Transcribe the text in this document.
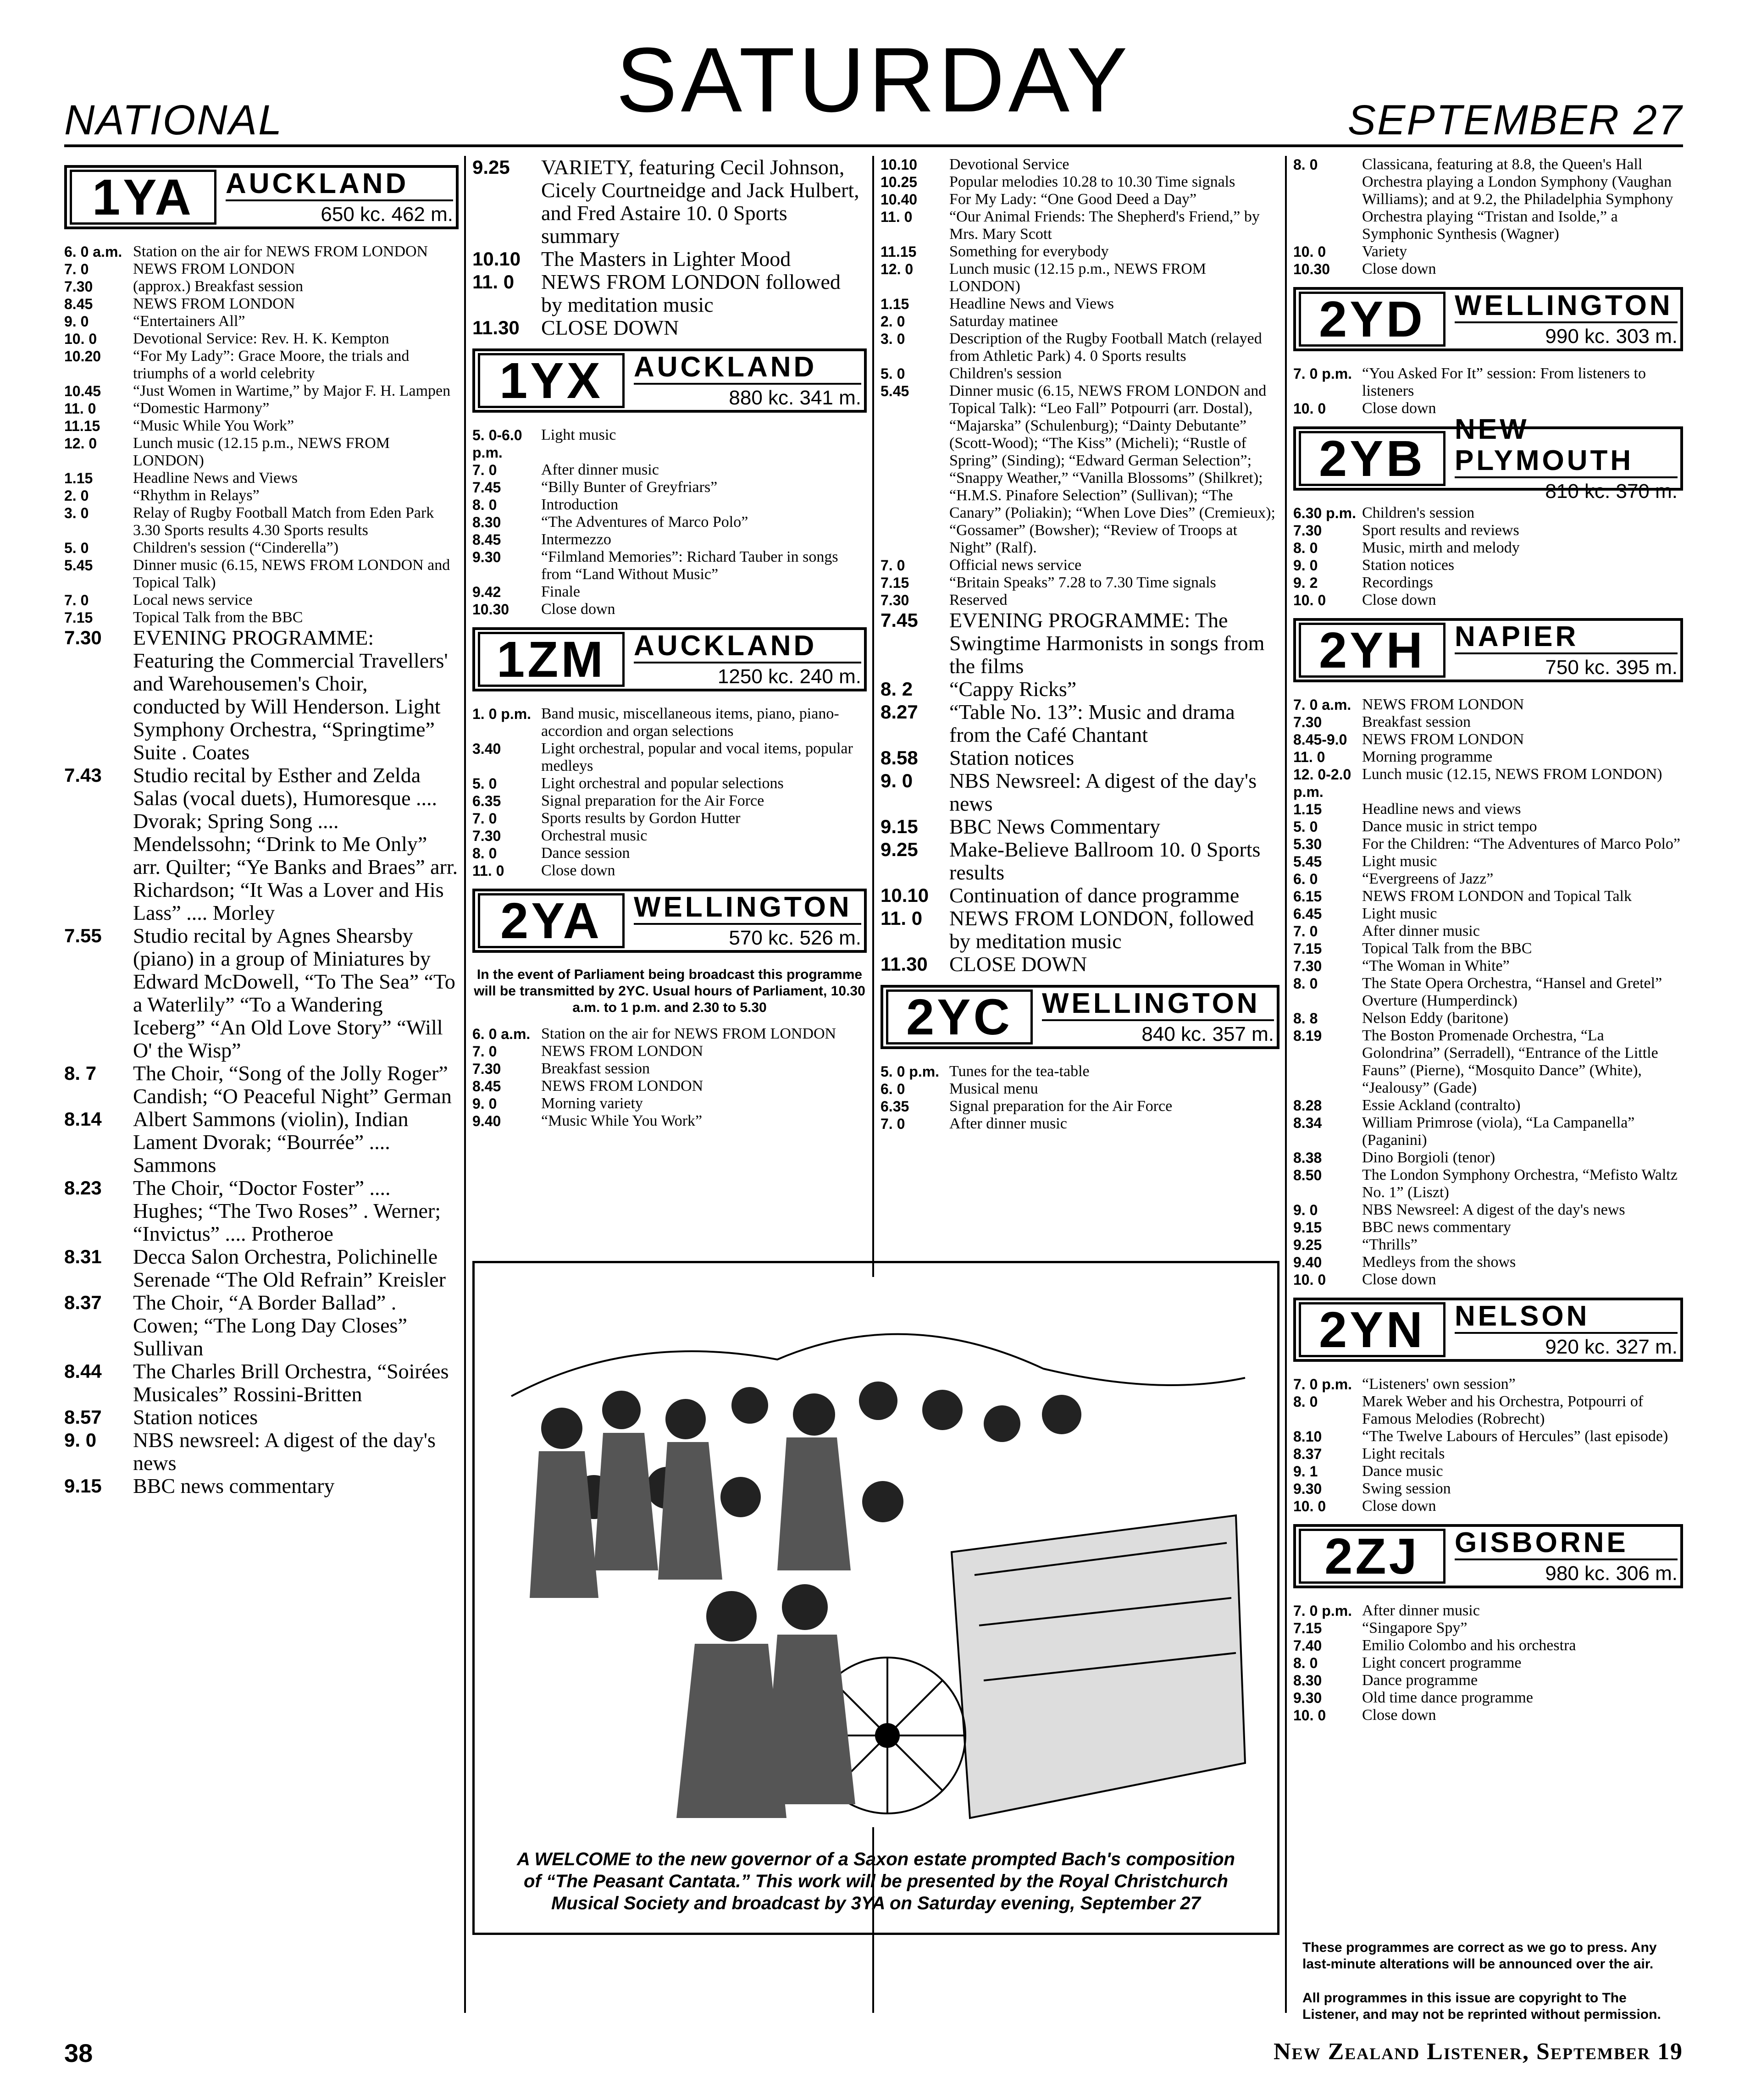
NATIONAL	SATURDAY	SEPTEMBER 27
1YA	AUCKLAND
650 kc. 462 m.
6. 0 a.m. Station on the air for NEWS FROM LONDON
7. 0	NEWS FROM LONDON
7.30	(approx.) Breakfast session
8.45	NEWS FROM LONDON
9. 0	“Entertainers All”
10. 0	Devotional Service: Rev. H. K. Kempton
10.20	“For My Lady”: Grace Moore, the trials and triumphs of a world celebrity
10.45	“Just Women in Wartime,” by Major F. H. Lampen
11. 0	“Domestic Harmony”
11.15	“Music While You Work”
12. 0	Lunch music (12.15 p.m., NEWS FROM LONDON)
1.15	Headline News and Views
2. 0	“Rhythm in Relays”
3. 0	Relay of Rugby Football Match from Eden Park 3.30 Sports results 4.30 Sports results
5. 0	Children's session (“Cinderella”)
5.45	Dinner music (6.15, NEWS FROM LONDON and Topical Talk)
7. 0	Local news service
7.15	Topical Talk from the BBC
7.30	EVENING PROGRAMME: Featuring the Commercial Travellers' and Warehousemen's Choir, conducted by Will Henderson. Light Symphony Orchestra, “Springtime” Suite . Coates
7.43	Studio recital by Esther and Zelda Salas (vocal duets), Humoresque .... Dvorak; Spring Song .... Mendelssohn; “Drink to Me Only” arr. Quilter; “Ye Banks and Braes” arr. Richardson; “It Was a Lover and His Lass” .... Morley
7.55	Studio recital by Agnes Shearsby (piano) in a group of Miniatures by Edward McDowell, “To The Sea” “To a Waterlily” “To a Wandering Iceberg” “An Old Love Story” “Will O' the Wisp”
8. 7	The Choir, “Song of the Jolly Roger” Candish; “O Peaceful Night” German
8.14	Albert Sammons (violin), Indian Lament Dvorak; “Bourrée” .... Sammons
8.23	The Choir, “Doctor Foster” .... Hughes; “The Two Roses” . Werner; “Invictus” .... Protheroe
8.31	Decca Salon Orchestra, Polichinelle Serenade “The Old Refrain” Kreisler
8.37	The Choir, “A Border Ballad” . Cowen; “The Long Day Closes” Sullivan
8.44	The Charles Brill Orchestra, “Soirées Musicales” Rossini-Britten
8.57	Station notices
9. 0	NBS newsreel: A digest of the day's news
9.15	BBC news commentary
9.25	VARIETY, featuring Cecil Johnson, Cicely Courtneidge and Jack Hulbert, and Fred Astaire 10. 0 Sports summary
10.10 The Masters in Lighter Mood
11. 0	NEWS FROM LONDON followed by meditation music
11.30	CLOSE DOWN
1YX	AUCKLAND
880 kc. 341 m.
5. 0-6.0 p.m.
Light music
7. 0	After dinner music
7.45	“Billy Bunter of Greyfriars”
8. 0	Introduction
8.30	“The Adventures of Marco Polo”
8.45	Intermezzo
9.30	“Filmland Memories”: Richard Tauber in songs from “Land Without Music”
9.42	Finale
10.30	Close down
1ZM AUCKLAND
1250 kc. 240 m.
1. 0 p.m. Band music, miscellaneous items, piano, piano-accordion and organ selections
3.40	Light orchestral, popular and vocal items, popular medleys
5. 0	Light orchestral and popular selections
6.35	Signal preparation for the Air Force
7. 0	Sports results by Gordon Hutter
7.30	Orchestral music
8. 0	Dance session
11. 0	Close down
2YA	WELLINGTON
570 kc. 526 m.
In the event of Parliament being broadcast this programme will be transmitted by 2YC. Usual hours of Parliament, 10.30 a.m. to 1 p.m. and 2.30 to 5.30
6. 0 a.m. Station on the air for NEWS FROM LONDON
7. 0	NEWS FROM LONDON
7.30	Breakfast session
8.45	NEWS FROM LONDON
9. 0	Morning variety
9.40	“Music While You Work”
10.10	Devotional Service
10.25	Popular melodies 10.28 to 10.30 Time signals
10.40	For My Lady: “One Good Deed a Day”
11. 0	“Our Animal Friends: The Shepherd's Friend,” by Mrs. Mary Scott
11.15	Something for everybody
12. 0	Lunch music (12.15 p.m., NEWS FROM LONDON)
1.15	Headline News and Views
2. 0	Saturday matinee
3. 0	Description of the Rugby Football Match (relayed from Athletic Park) 4. 0 Sports results
5. 0	Children's session
5.45	Dinner music (6.15, NEWS FROM LONDON and Topical Talk): “Leo Fall” Potpourri (arr. Dostal), “Majarska” (Schulenburg); “Dainty Debutante” (Scott-Wood); “The Kiss” (Micheli); “Rustle of Spring” (Sinding); “Edward German Selection”; “Snappy Weather,” “Vanilla Blossoms” (Shilkret); “H.M.S. Pinafore Selection” (Sullivan); “The Canary” (Poliakin); “When Love Dies” (Cremieux); “Gossamer” (Bowsher); “Review of Troops at Night” (Ralf).
7. 0	Official news service
7.15	“Britain Speaks” 7.28 to 7.30 Time signals
7.30	Reserved
7.45	EVENING PROGRAMME: The Swingtime Harmonists in songs from the films
8. 2	“Cappy Ricks”
8.27	“Table No. 13”: Music and drama from the Café Chantant
8.58	Station notices
9. 0	NBS Newsreel: A digest of the day's news
9.15	BBC News Commentary
9.25	Make-Believe Ballroom 10. 0 Sports results
10.10 Continuation of dance programme
11. 0	NEWS FROM LONDON, followed by meditation music
11.30	CLOSE DOWN
2YC	WELLINGTON
840 kc. 357 m.
5. 0 p.m. Tunes for the tea-table
6. 0	Musical menu
6.35	Signal preparation for the Air Force
7. 0	After dinner music
8. 0	Classicana, featuring at 8.8, the Queen's Hall Orchestra playing a London Symphony (Vaughan Williams); and at 9.2, the Philadelphia Symphony Orchestra playing “Tristan and Isolde,” a Symphonic Synthesis (Wagner)
10. 0	Variety
10.30	Close down
2YD	WELLINGTON
990 kc. 303 m.
7. 0 p.m. “You Asked For It” session: From listeners to listeners
10. 0	Close down
2YB
NEW PLYMOUTH
810 kc. 370 m.
6.30 p.m. Children's session
7.30	Sport results and reviews
8. 0	Music, mirth and melody
9. 0	Station notices
9. 2	Recordings
10. 0	Close down
2YH	NAPIER
750 kc. 395 m.
7. 0 a.m. NEWS FROM LONDON
7.30	Breakfast session
8.45-9.0 NEWS FROM LONDON
11. 0	Morning programme
12. 0-2.0 p.m.
Lunch music (12.15, NEWS FROM LONDON)
1.15	Headline news and views
5. 0	Dance music in strict tempo
5.30	For the Children: “The Adventures of Marco Polo”
5.45	Light music
6. 0	“Evergreens of Jazz”
6.15	NEWS FROM LONDON and Topical Talk
6.45	Light music
7. 0	After dinner music
7.15	Topical Talk from the BBC
7.30	“The Woman in White”
8. 0	The State Opera Orchestra, “Hansel and Gretel” Overture (Humperdinck)
8. 8	Nelson Eddy (baritone)
8.19	The Boston Promenade Orchestra, “La Golondrina” (Serradell), “Entrance of the Little Fauns” (Pierne), “Mosquito Dance” (White), “Jealousy” (Gade)
8.28	Essie Ackland (contralto)
8.34	William Primrose (viola), “La Campanella” (Paganini)
8.38	Dino Borgioli (tenor)
8.50	The London Symphony Orchestra, “Mefisto Waltz No. 1” (Liszt)
9. 0	NBS Newsreel: A digest of the day's news
9.15	BBC news commentary
9.25	“Thrills”
9.40	Medleys from the shows
10. 0	Close down
2YN	NELSON
920 kc. 327 m.
7. 0 p.m. “Listeners' own session”
8. 0	Marek Weber and his Orchestra, Potpourri of Famous Melodies (Robrecht)
8.10	“The Twelve Labours of Hercules” (last episode)
8.37	Light recitals
9. 1	Dance music
9.30	Swing session
10. 0	Close down
2ZJ	GISBORNE
980 kc. 306 m.
7. 0 p.m. After dinner music
7.15	“Singapore Spy”
7.40	Emilio Colombo and his orchestra
8. 0	Light concert programme
8.30	Dance programme
9.30	Old time dance programme
10. 0	Close down
A WELCOME to the new governor of a Saxon estate prompted Bach's composition of “The Peasant Cantata.” This work will be presented by the Royal Christchurch Musical Society and broadcast by 3YA on Saturday evening, September 27
These programmes are correct as we go to press. Any last-minute alterations will be announced over the air.
All programmes in this issue are copyright to The Listener, and may not be reprinted without permission.
38	New Zealand Listener, September 19
